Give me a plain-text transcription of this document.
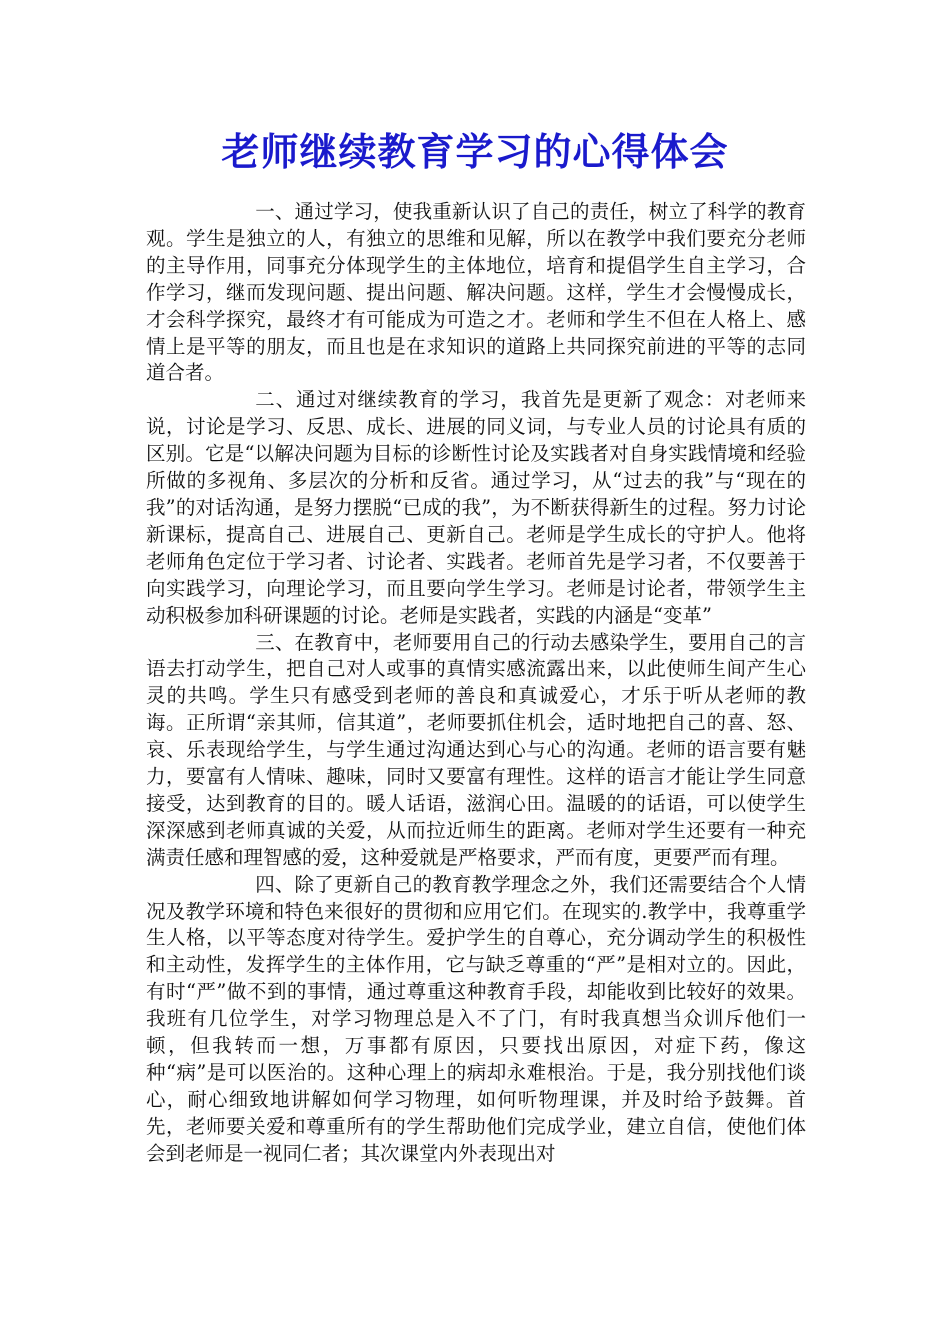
老师继续教育学习的心得体会

一、通过学习，使我重新认识了自己的责任，树立了科学的教育观。学生是独立的人，有独立的思维和见解，所以在教学中我们要充分老师的主导作用，同事充分体现学生的主体地位，培育和提倡学生自主学习，合作学习，继而发现问题、提出问题、解决问题。这样，学生才会慢慢成长，才会科学探究，最终才有可能成为可造之才。老师和学生不但在人格上、感情上是平等的朋友，而且也是在求知识的道路上共同探究前进的平等的志同道合者。

二、通过对继续教育的学习，我首先是更新了观念：对老师来说，讨论是学习、反思、成长、进展的同义词，与专业人员的讨论具有质的区别。它是“以解决问题为目标的诊断性讨论及实践者对自身实践情境和经验所做的多视角、多层次的分析和反省。通过学习，从“过去的我”与“现在的我”的对话沟通，是努力摆脱“已成的我”，为不断获得新生的过程。努力讨论新课标，提高自己、进展自己、更新自己。老师是学生成长的守护人。他将老师角色定位于学习者、讨论者、实践者。老师首先是学习者，不仅要善于向实践学习，向理论学习，而且要向学生学习。老师是讨论者，带领学生主动积极参加科研课题的讨论。老师是实践者，实践的内涵是“变革”

三、在教育中，老师要用自己的行动去感染学生，要用自己的言语去打动学生，把自己对人或事的真情实感流露出来，以此使师生间产生心灵的共鸣。学生只有感受到老师的善良和真诚爱心，才乐于听从老师的教诲。正所谓“亲其师，信其道”，老师要抓住机会，适时地把自己的喜、怒、哀、乐表现给学生，与学生通过沟通达到心与心的沟通。老师的语言要有魅力，要富有人情味、趣味，同时又要富有理性。这样的语言才能让学生同意接受，达到教育的目的。暖人话语，滋润心田。温暖的的话语，可以使学生深深感到老师真诚的关爱，从而拉近师生的距离。老师对学生还要有一种充满责任感和理智感的爱，这种爱就是严格要求，严而有度，更要严而有理。

四、除了更新自己的教育教学理念之外，我们还需要结合个人情况及教学环境和特色来很好的贯彻和应用它们。在现实的.教学中，我尊重学生人格，以平等态度对待学生。爱护学生的自尊心，充分调动学生的积极性和主动性，发挥学生的主体作用，它与缺乏尊重的“严”是相对立的。因此，有时“严”做不到的事情，通过尊重这种教育手段，却能收到比较好的效果。我班有几位学生，对学习物理总是入不了门，有时我真想当众训斥他们一顿，但我转而一想，万事都有原因，只要找出原因，对症下药，像这种“病”是可以医治的。这种心理上的病却永难根治。于是，我分别找他们谈心，耐心细致地讲解如何学习物理，如何听物理课，并及时给予鼓舞。首先，老师要关爱和尊重所有的学生帮助他们完成学业，建立自信，使他们体会到老师是一视同仁者；其次课堂内外表现出对
